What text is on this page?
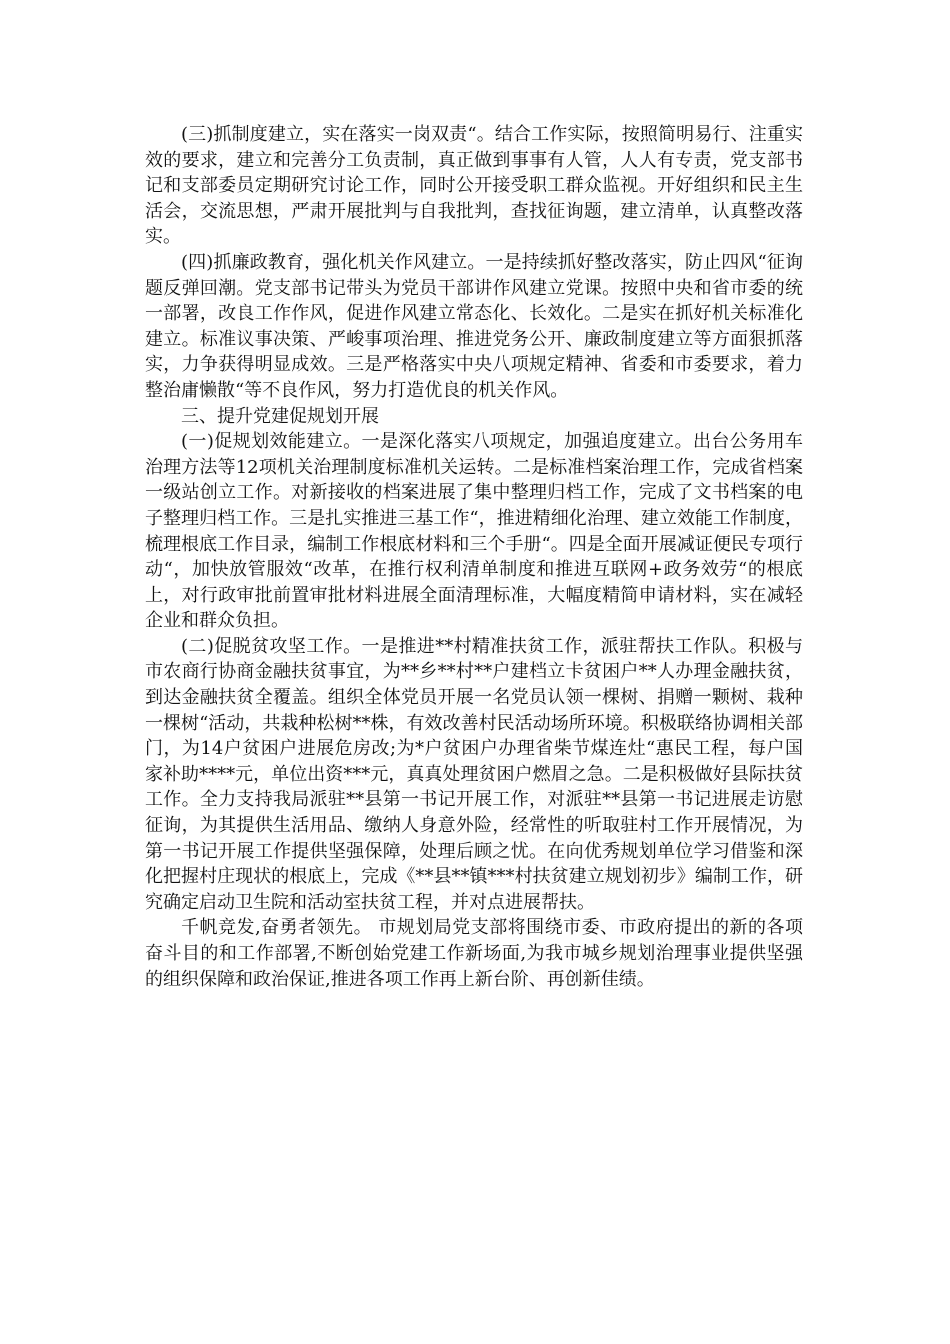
(三)抓制度建立，实在落实一岗双责“。结合工作实际，按照简明易行、注重实效的要求，建立和完善分工负责制，真正做到事事有人管，人人有专责，党支部书记和支部委员定期研究讨论工作，同时公开接受职工群众监视。开好组织和民主生活会，交流思想，严肃开展批判与自我批判，查找征询题，建立清单，认真整改落实。

(四)抓廉政教育，强化机关作风建立。一是持续抓好整改落实，防止四风“征询题反弹回潮。党支部书记带头为党员干部讲作风建立党课。按照中央和省市委的统一部署，改良工作作风，促进作风建立常态化、长效化。二是实在抓好机关标准化建立。标准议事决策、严峻事项治理、推进党务公开、廉政制度建立等方面狠抓落实，力争获得明显成效。三是严格落实中央八项规定精神、省委和市委要求，着力整治庸懒散“等不良作风，努力打造优良的机关作风。

三、提升党建促规划开展

(一)促规划效能建立。一是深化落实八项规定，加强追度建立。出台公务用车治理方法等12项机关治理制度标准机关运转。二是标准档案治理工作，完成省档案一级站创立工作。对新接收的档案进展了集中整理归档工作，完成了文书档案的电子整理归档工作。三是扎实推进三基工作“，推进精细化治理、建立效能工作制度，梳理根底工作目录，编制工作根底材料和三个手册“。四是全面开展减证便民专项行动“，加快放管服效“改革，在推行权利清单制度和推进互联网+政务效劳“的根底上，对行政审批前置审批材料进展全面清理标准，大幅度精简申请材料，实在减轻企业和群众负担。

(二)促脱贫攻坚工作。一是推进**村精准扶贫工作，派驻帮扶工作队。积极与市农商行协商金融扶贫事宜，为**乡**村**户建档立卡贫困户**人办理金融扶贫，到达金融扶贫全覆盖。组织全体党员开展一名党员认领一棵树、捐赠一颗树、栽种一棵树“活动，共栽种松树**株，有效改善村民活动场所环境。积极联络协调相关部门，为14户贫困户进展危房改;为*户贫困户办理省柴节煤连灶“惠民工程，每户国家补助****元，单位出资***元，真真处理贫困户燃眉之急。二是积极做好县际扶贫工作。全力支持我局派驻**县第一书记开展工作，对派驻**县第一书记进展走访慰征询，为其提供生活用品、缴纳人身意外险，经常性的听取驻村工作开展情况，为第一书记开展工作提供坚强保障，处理后顾之忧。在向优秀规划单位学习借鉴和深化把握村庄现状的根底上，完成《**县**镇***村扶贫建立规划初步》编制工作，研究确定启动卫生院和活动室扶贫工程，并对点进展帮扶。

千帆竞发,奋勇者领先。 市规划局党支部将围绕市委、市政府提出的新的各项奋斗目的和工作部署,不断创始党建工作新场面,为我市城乡规划治理事业提供坚强的组织保障和政治保证,推进各项工作再上新台阶、再创新佳绩。
